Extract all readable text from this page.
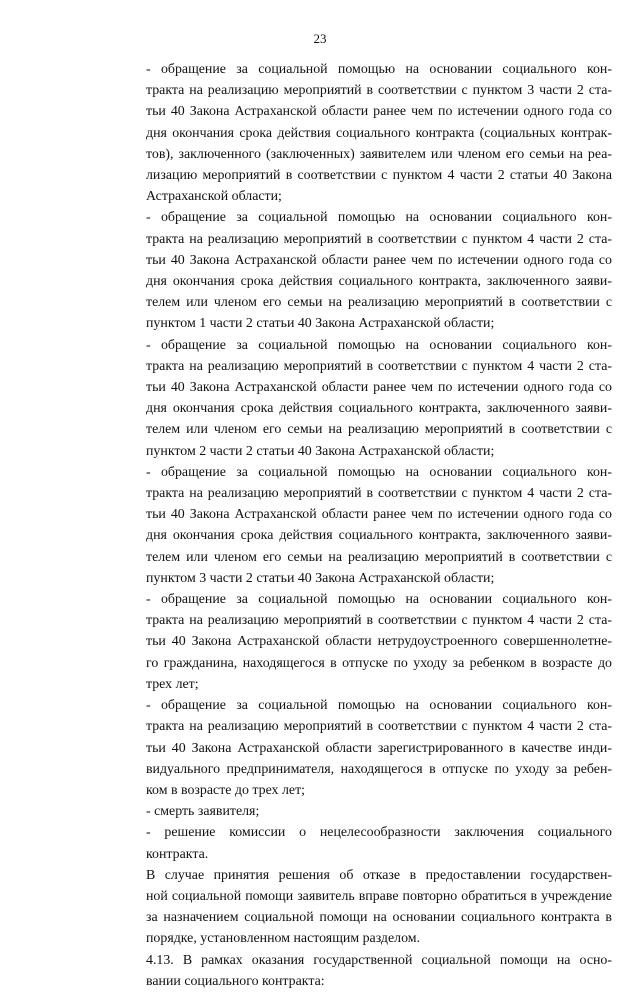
23

- обращение за социальной помощью на основании социального кон-
тракта на реализацию мероприятий в соответствии с пунктом 3 части 2 ста-
тьи 40 Закона Астраханской области ранее чем по истечении одного года со
дня окончания срока действия социального контракта (социальных контрак-
тов), заключенного (заключенных) заявителем или членом его семьи на реа-
лизацию мероприятий в соответствии с пунктом 4 части 2 статьи 40 Закона
Астраханской области;

- обращение за социальной помощью на основании социального кон-
тракта на реализацию мероприятий в соответствии с пунктом 4 части 2 ста-
тьи 40 Закона Астраханской области ранее чем по истечении одного года со
дня окончания срока действия социального контракта, заключенного заяви-
телем или членом его семьи на реализацию мероприятий в соответствии с
пунктом 1 части 2 статьи 40 Закона Астраханской области;

- обращение за социальной помощью на основании социального кон-
тракта на реализацию мероприятий в соответствии с пунктом 4 части 2 ста-
тьи 40 Закона Астраханской области ранее чем по истечении одного года со
дня окончания срока действия социального контракта, заключенного заяви-
телем или членом его семьи на реализацию мероприятий в соответствии с
пунктом 2 части 2 статьи 40 Закона Астраханской области;

- обращение за социальной помощью на основании социального кон-
тракта на реализацию мероприятий в соответствии с пунктом 4 части 2 ста-
тьи 40 Закона Астраханской области ранее чем по истечении одного года со
дня окончания срока действия социального контракта, заключенного заяви-
телем или членом его семьи на реализацию мероприятий в соответствии с
пунктом 3 части 2 статьи 40 Закона Астраханской области;

- обращение за социальной помощью на основании социального кон-
тракта на реализацию мероприятий в соответствии с пунктом 4 части 2 ста-
тьи 40 Закона Астраханской области нетрудоустроенного совершеннолетне-
го гражданина, находящегося в отпуске по уходу за ребенком в возрасте до
трех лет;

- обращение за социальной помощью на основании социального кон-
тракта на реализацию мероприятий в соответствии с пунктом 4 части 2 ста-
тьи 40 Закона Астраханской области зарегистрированного в качестве инди-
видуального предпринимателя, находящегося в отпуске по уходу за ребен-
ком в возрасте до трех лет;

- смерть заявителя;

- решение комиссии о нецелесообразности заключения социального
контракта.

В случае принятия решения об отказе в предоставлении государствен-
ной социальной помощи заявитель вправе повторно обратиться в учреждение
за назначением социальной помощи на основании социального контракта в
порядке, установленном настоящим разделом.

4.13. В рамках оказания государственной социальной помощи на осно-
вании социального контракта:
